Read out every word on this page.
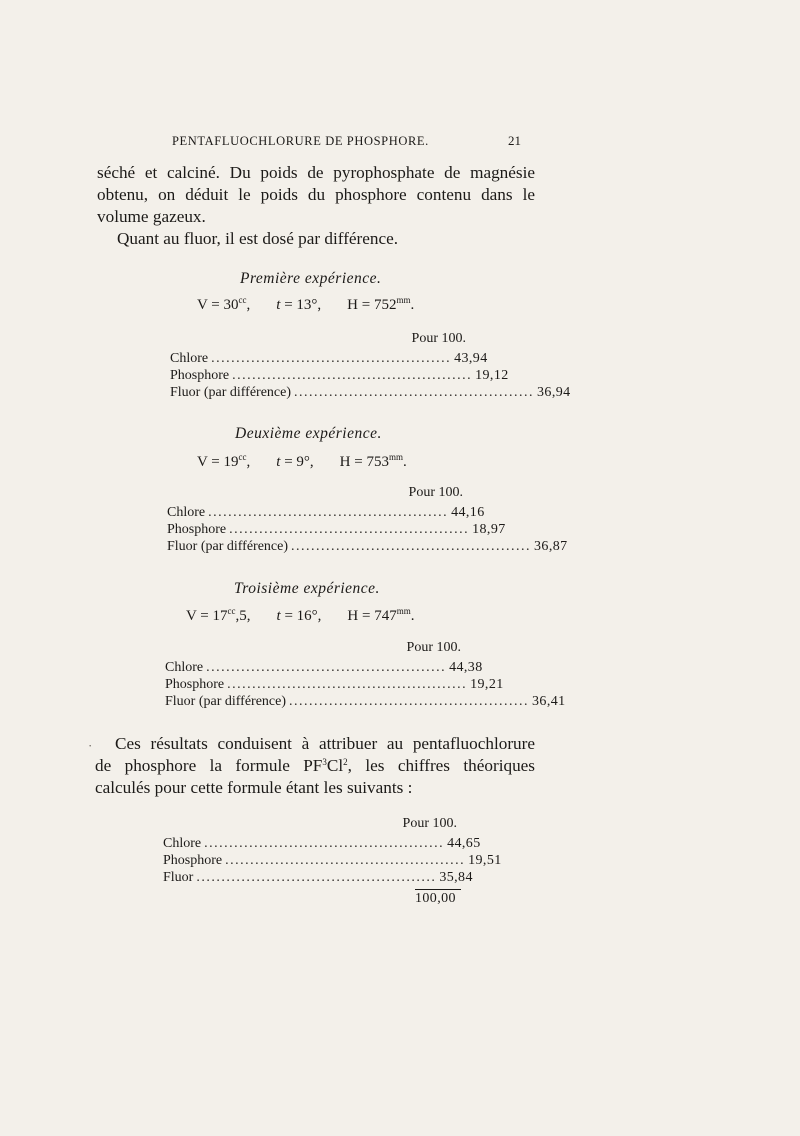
PENTAFLUOCHLORURE DE PHOSPHORE.	21

séché et calciné. Du poids de pyrophosphate de magnésie
obtenu, on déduit le poids du phosphore contenu dans le
volume gazeux.

Quant au fluor, il est dosé par différence.

Première expérience.
$V = 30^{cc}$, t = 13°, $H = 752^{mm}$.
Pour 100.
Chlore ................................................ 43,94
Phosphore ................................................ 19,12
Fluor (par différence) ................................................ 36,94
Deuxième expérience.
$V = 19^{cc}$, t = 9°, $H = 753^{mm}$.
Pour 100.
Chlore ................................................ 44,16
Phosphore ................................................ 18,97
Fluor (par différence) ................................................ 36,87
Troisième expérience.
$V = 17^{cc},5$, t = 16°, $H = 747^{mm}$.
Pour 100.
Chlore ................................................ 44,38
Phosphore ................................................ 19,21
Fluor (par différence) ................................................ 36,41

Ces résultats conduisent à attribuer au pentafluochlorure
de phosphore la formule $PF^3Cl^2$, les chiffres théoriques
calculés pour cette formule étant les suivants :

Pour 100.
Chlore ................................................ 44,65
Phosphore ................................................ 19,51
Fluor ................................................ 35,84
100,00
·
